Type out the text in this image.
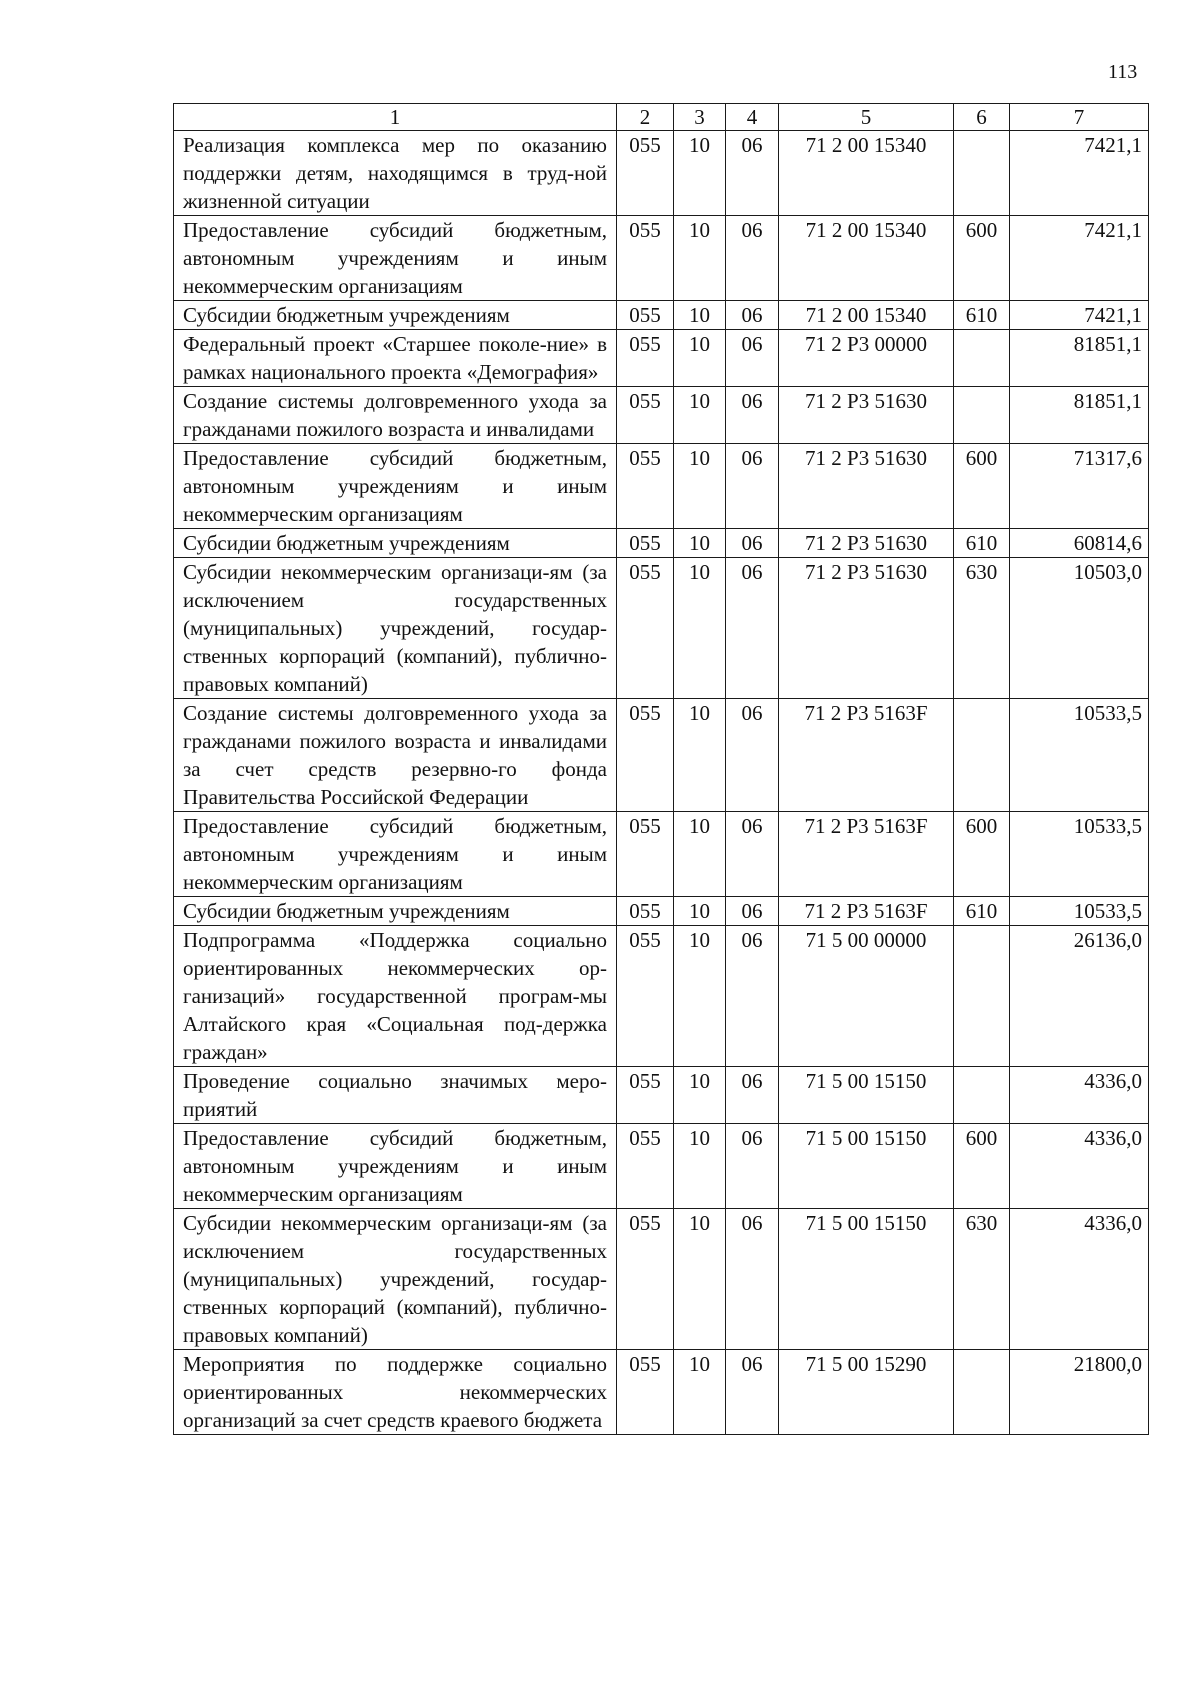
113
1	2	3	4	5	6	7
Реализация комплекса мер по оказанию поддержки детям, находящимся в труд-ной жизненной ситуации	055	10	06	71 2 00 15340		7421,1
Предоставление субсидий бюджетным, автономным учреждениям и иным некоммерческим организациям	055	10	06	71 2 00 15340	600	7421,1
Субсидии бюджетным учреждениям	055	10	06	71 2 00 15340	610	7421,1
Федеральный проект «Старшее поколе-ние» в рамках национального проекта «Демография»	055	10	06	71 2 P3 00000		81851,1
Создание системы долговременного ухода за гражданами пожилого возраста и инвалидами	055	10	06	71 2 P3 51630		81851,1
Предоставление субсидий бюджетным, автономным учреждениям и иным некоммерческим организациям	055	10	06	71 2 P3 51630	600	71317,6
Субсидии бюджетным учреждениям	055	10	06	71 2 P3 51630	610	60814,6
Субсидии некоммерческим организаци-ям (за исключением государственных (муниципальных) учреждений, государ-ственных корпораций (компаний), публично-правовых компаний)	055	10	06	71 2 P3 51630	630	10503,0
Создание системы долговременного ухода за гражданами пожилого возраста и инвалидами за счет средств резервно-го фонда Правительства Российской Федерации	055	10	06	71 2 P3 5163F		10533,5
Предоставление субсидий бюджетным, автономным учреждениям и иным некоммерческим организациям	055	10	06	71 2 P3 5163F	600	10533,5
Субсидии бюджетным учреждениям	055	10	06	71 2 P3 5163F	610	10533,5
Подпрограмма «Поддержка социально ориентированных некоммерческих ор-ганизаций» государственной програм-мы Алтайского края «Социальная под-держка граждан»	055	10	06	71 5 00 00000		26136,0
Проведение социально значимых меро-приятий	055	10	06	71 5 00 15150		4336,0
Предоставление субсидий бюджетным, автономным учреждениям и иным некоммерческим организациям	055	10	06	71 5 00 15150	600	4336,0
Субсидии некоммерческим организаци-ям (за исключением государственных (муниципальных) учреждений, государ-ственных корпораций (компаний), публично-правовых компаний)	055	10	06	71 5 00 15150	630	4336,0
Мероприятия по поддержке социально ориентированных некоммерческих организаций за счет средств краевого бюджета	055	10	06	71 5 00 15290		21800,0
